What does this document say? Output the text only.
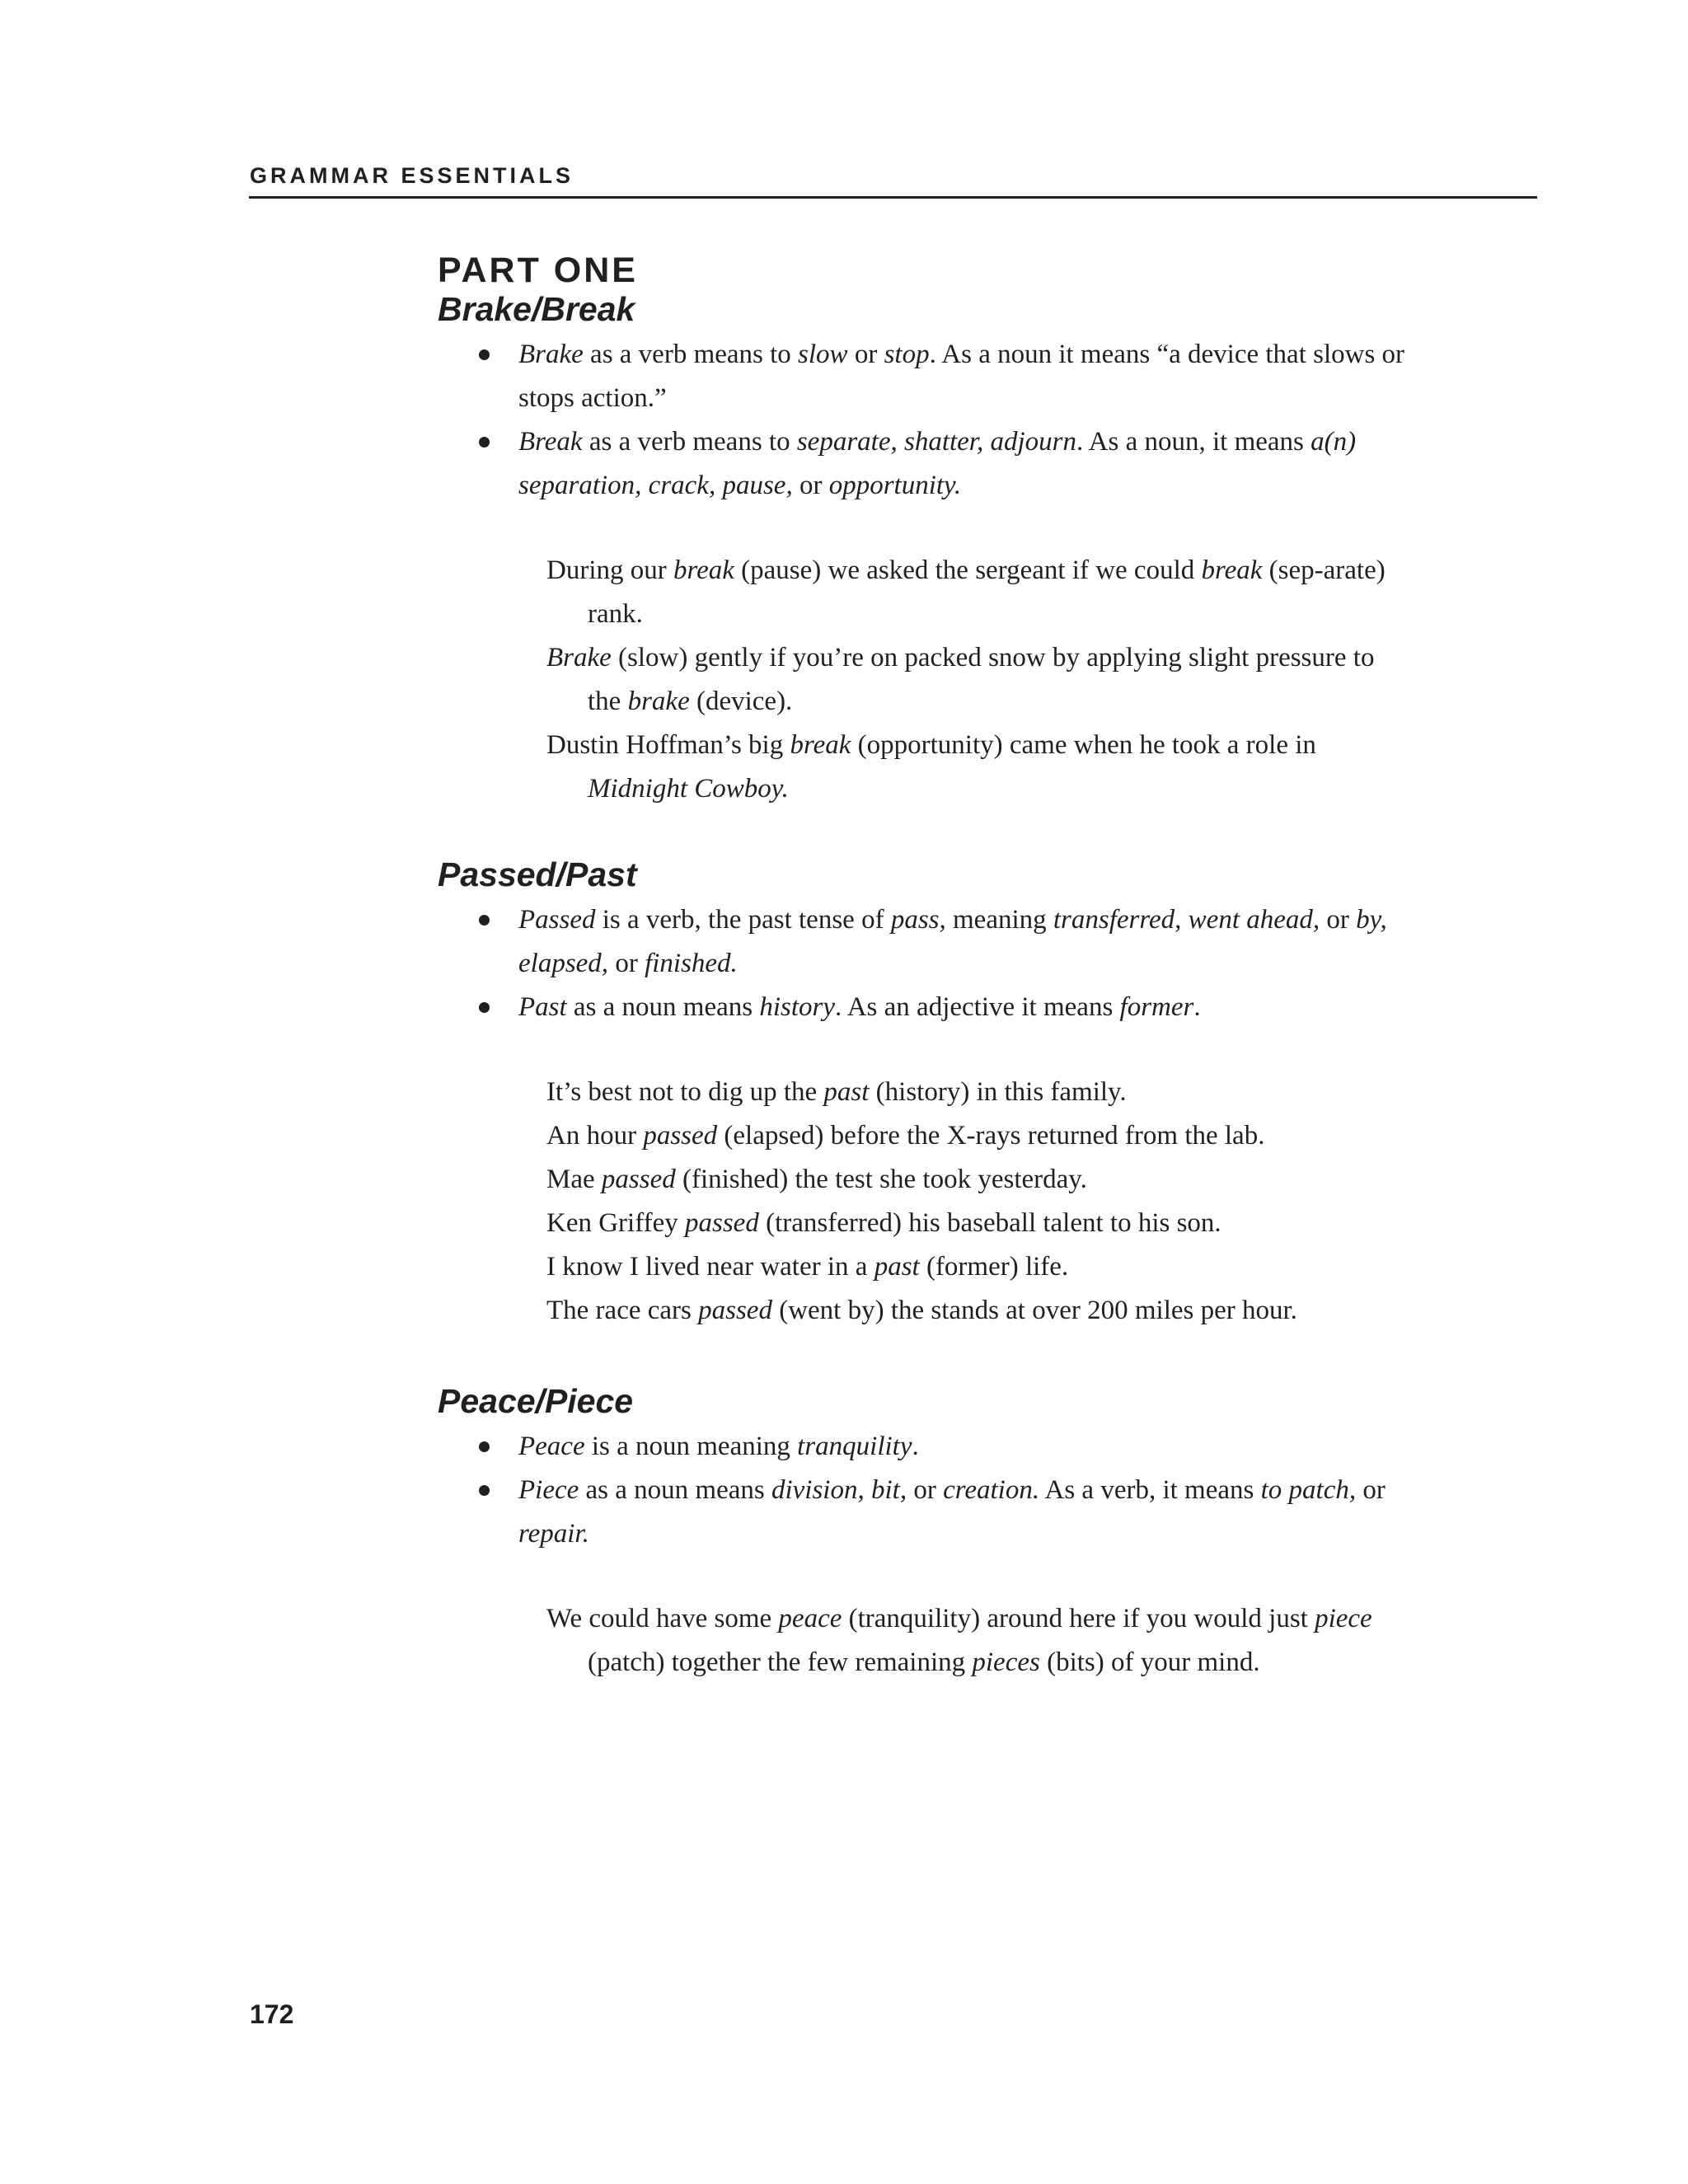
GRAMMAR ESSENTIALS
PART ONE
Brake/Break
Brake as a verb means to slow or stop. As a noun it means “a device that slows or stops action.”
Break as a verb means to separate, shatter, adjourn. As a noun, it means a(n) separation, crack, pause, or opportunity.

During our break (pause) we asked the sergeant if we could break (sep-arate) rank.

Brake (slow) gently if you’re on packed snow by applying slight pressure to the brake (device).

Dustin Hoffman’s big break (opportunity) came when he took a role in Midnight Cowboy.

Passed/Past
Passed is a verb, the past tense of pass, meaning transferred, went ahead, or by, elapsed, or finished.
Past as a noun means history. As an adjective it means former.

It’s best not to dig up the past (history) in this family.

An hour passed (elapsed) before the X-rays returned from the lab.

Mae passed (finished) the test she took yesterday.

Ken Griffey passed (transferred) his baseball talent to his son.

I know I lived near water in a past (former) life.

The race cars passed (went by) the stands at over 200 miles per hour.

Peace/Piece
Peace is a noun meaning tranquility.
Piece as a noun means division, bit, or creation. As a verb, it means to patch, or repair.

We could have some peace (tranquility) around here if you would just piece (patch) together the few remaining pieces (bits) of your mind.

172
